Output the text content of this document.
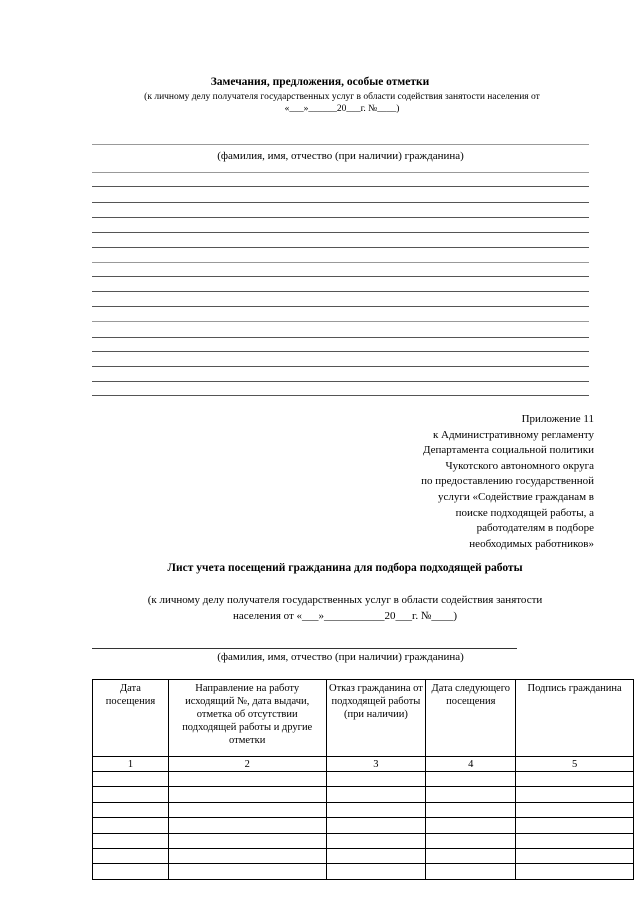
Замечания, предложения, особые отметки
(к личному делу получателя государственных услуг в области содействия занятости населения от
«___»______20___г. №____)
(фамилия, имя, отчество (при наличии) гражданина)
Приложение 11
к Административному регламенту
Департамента социальной политики
Чукотского автономного округа
по предоставлению государственной
услуги «Содействие гражданам в
поиске подходящей работы, а
работодателям в подборе
необходимых работников»
Лист учета посещений гражданина для подбора подходящей работы
(к личному делу получателя государственных услуг в области содействия занятости
населения от «___»___________20___г. №____)
(фамилия, имя, отчество (при наличии) гражданина)
Дата посещения	Направление на работу исходящий №, дата выдачи, отметка об отсутствии подходящей работы и другие отметки	Отказ гражданина от подходящей работы (при наличии)	Дата следующего посещения	Подпись гражданина
1	2	3	4	5
